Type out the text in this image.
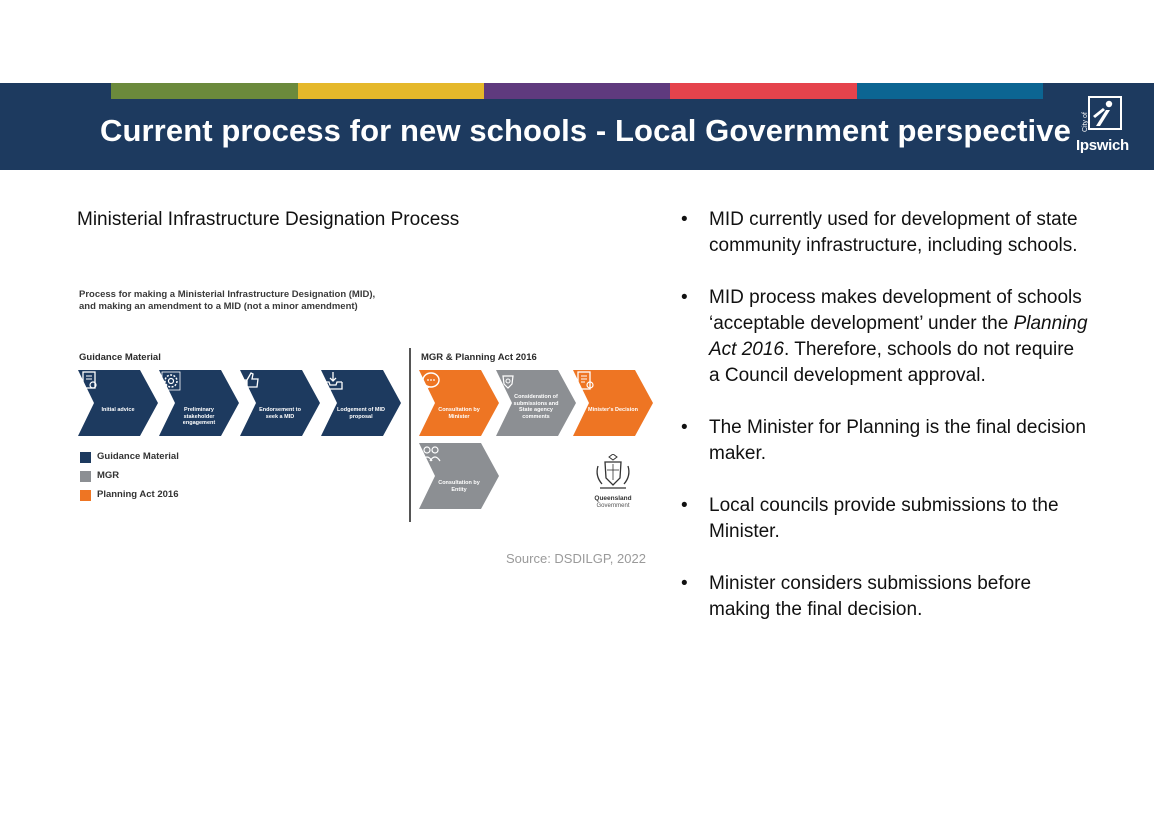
Current process for new schools - Local Government perspective City of
Ipswich
Ministerial Infrastructure Designation Process
Process for making a Ministerial Infrastructure Designation (MID),
and making an amendment to a MID (not a minor amendment)
Guidance Material	MGR & Planning Act 2016
Initial advice	Preliminary stakeholder engagement
Endorsement to seek a MID
Lodgement of MID proposal
Consultation by Minister
Consideration of submissions and State agency comments
Minister's Decision
Consultation by Entity
Guidance Material
MGR
Planning Act 2016	Queensland
Government
Source: DSDILGP, 2022
• MID currently used for development of state community infrastructure, including schools.
• MID process makes development of schools ‘acceptable development’ under the Planning Act 2016. Therefore, schools do not require a Council development approval.
• The Minister for Planning is the final decision maker.
• Local councils provide submissions to the Minister.
• Minister considers submissions before making the final decision.
